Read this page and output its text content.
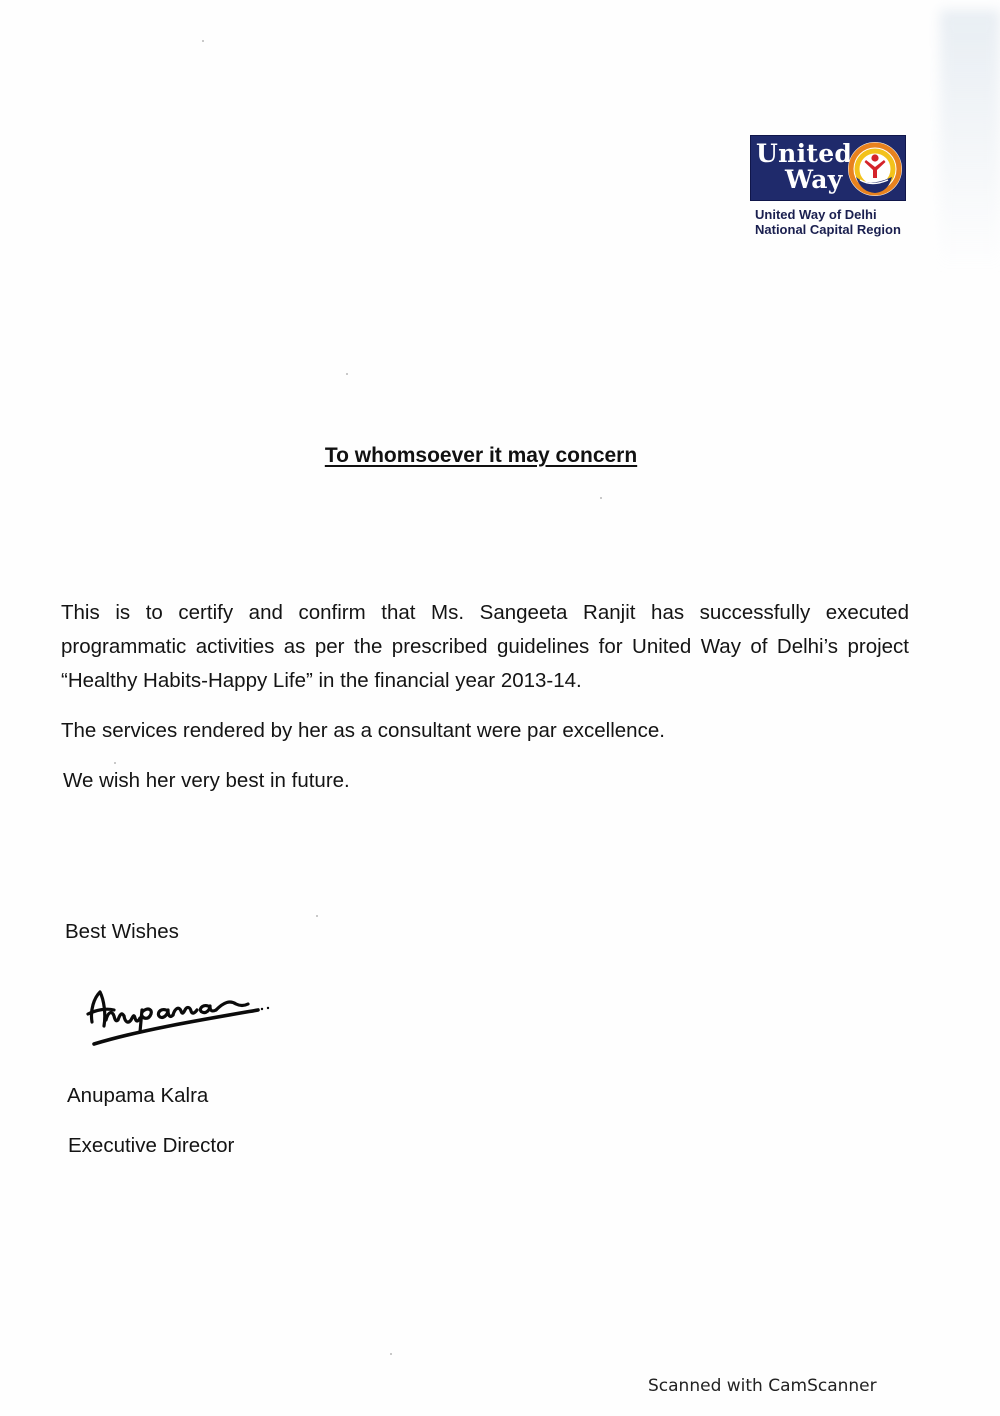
United
Way
United Way of Delhi
National Capital Region
To whomsoever it may concern
This is to certify and confirm that Ms. Sangeeta Ranjit has successfully executed programmatic activities as per the prescribed guidelines for United Way of Delhi’s project “Healthy Habits-Happy Life” in the financial year 2013-14.
The services rendered by her as a consultant were par excellence.
We wish her very best in future.
Best Wishes
Anupama Kalra
Executive Director
Scanned with CamScanner
